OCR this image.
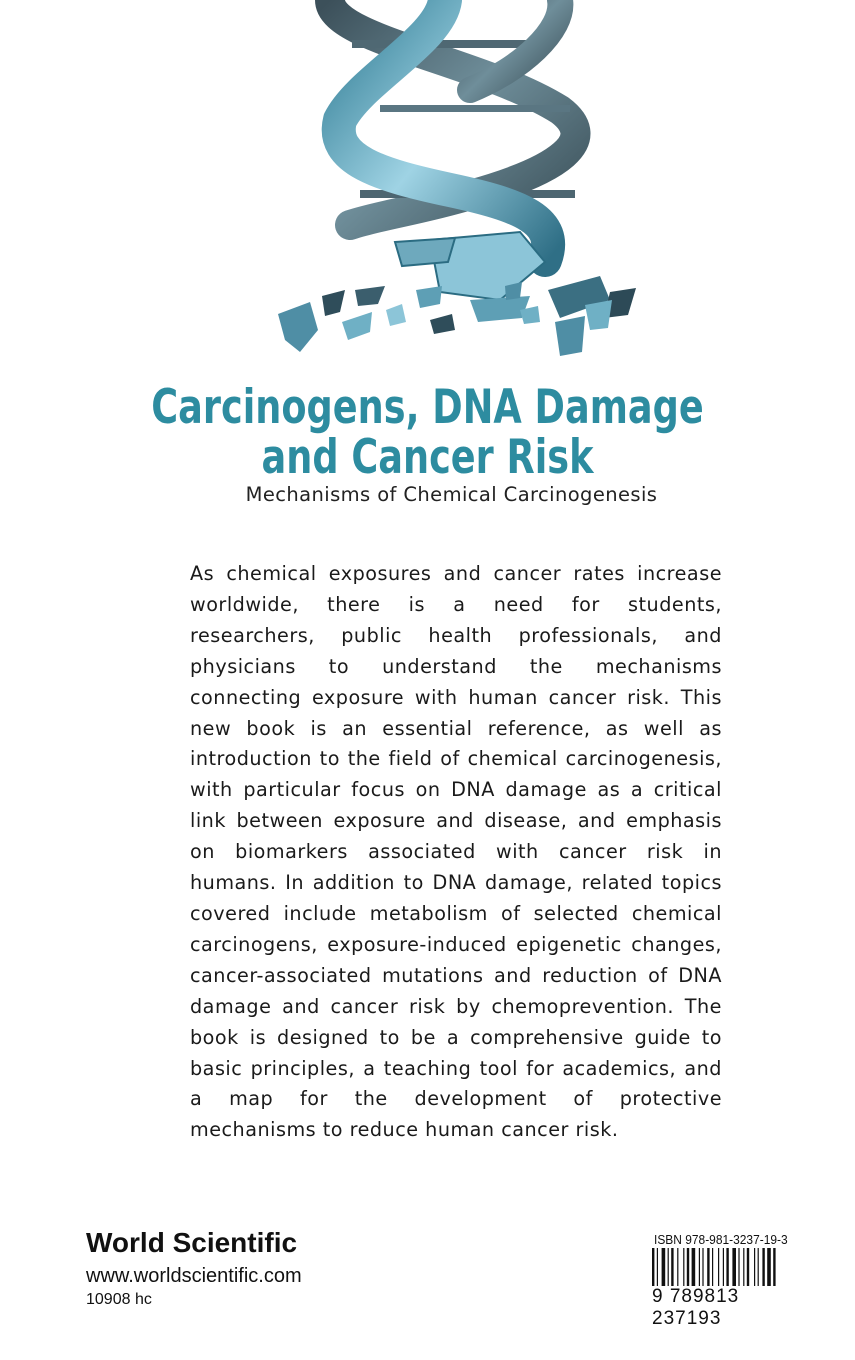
Carcinogens, DNA Damage
and Cancer Risk
Mechanisms of Chemical Carcinogenesis

As chemical exposures and cancer rates increase worldwide, there is a need for students, researchers, public health professionals, and physicians to understand the mechanisms connecting exposure with human cancer risk. This new book is an essential reference, as well as introduction to the field of chemical carcinogenesis, with particular focus on DNA damage as a critical link between exposure and disease, and emphasis on biomarkers associated with cancer risk in humans. In addition to DNA damage, related topics covered include metabolism of selected chemical carcinogens, exposure-induced epigenetic changes, cancer-associated mutations and reduction of DNA damage and cancer risk by chemoprevention. The book is designed to be a comprehensive guide to basic principles, a teaching tool for academics, and a map for the development of protective mechanisms to reduce human cancer risk.

World Scientific
www.worldscientific.com
10908 hc
ISBN 978-981-3237-19-3
9 789813 237193
